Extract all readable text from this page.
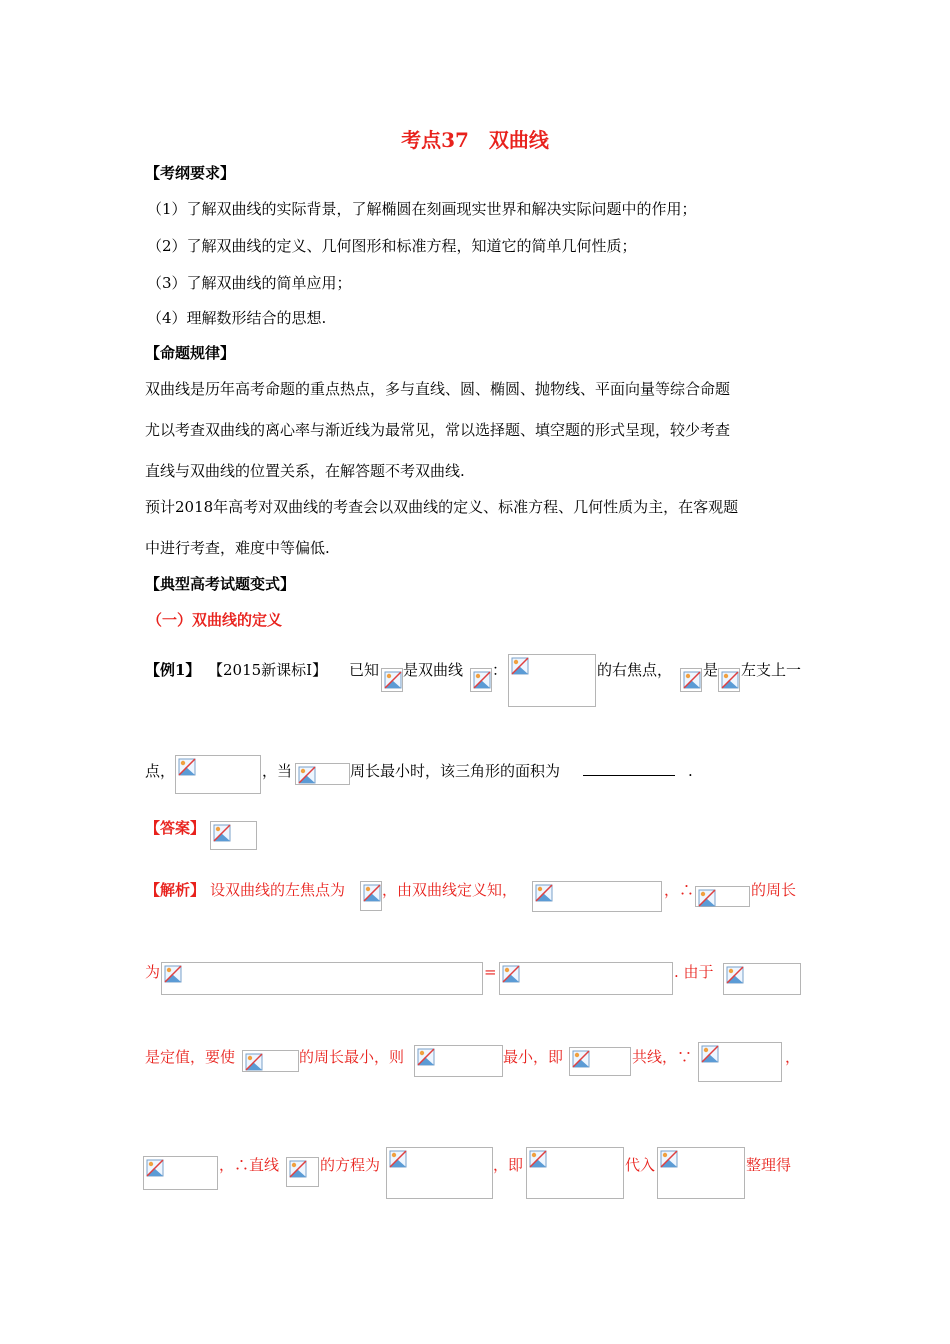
考点37　双曲线
【考纲要求】
（1）了解双曲线的实际背景，了解椭圆在刻画现实世界和解决实际问题中的作用；
（2）了解双曲线的定义、几何图形和标准方程，知道它的简单几何性质；
（3）了解双曲线的简单应用；
（4）理解数形结合的思想.
【命题规律】
双曲线是历年高考命题的重点热点，多与直线、圆、椭圆、抛物线、平面向量等综合命题
尤以考查双曲线的离心率与渐近线为最常见，常以选择题、填空题的形式呈现，较少考查
直线与双曲线的位置关系，在解答题不考双曲线.
预计2018年高考对双曲线的考查会以双曲线的定义、标准方程、几何性质为主，在客观题
中进行考查，难度中等偏低.
【典型高考试题变式】
（一）双曲线的定义
【例1】 【2015新课标Ⅰ】 已知 是双曲线 ：	的右焦点， 是 左支上一
点，	，当	周长最小时，该三角形的面积为	.
【答案】
【解析】 设双曲线的左焦点为 ，由双曲线定义知，	，∴	的周长
为	=	. 由于
是定值，要使	的周长最小，则	最小，即	共线，∵	，
，∴直线	的方程为	，即	代入	整理得
